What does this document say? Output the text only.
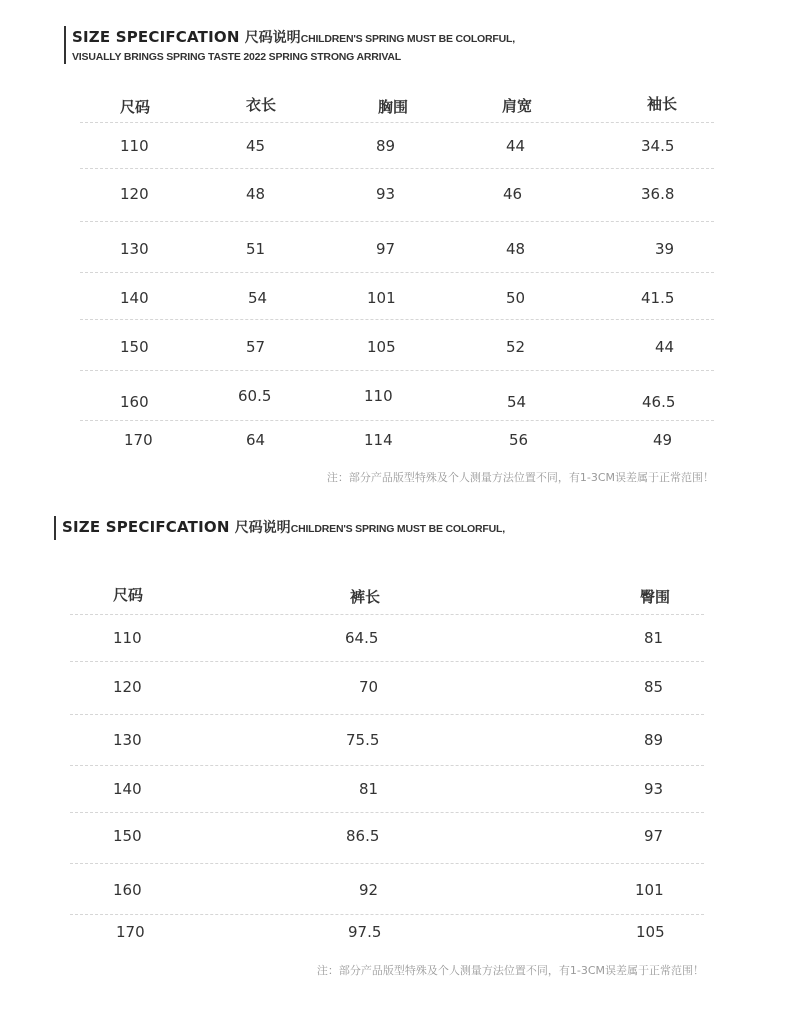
SIZE SPECIFCATION 尺码说明CHILDREN'S SPRING MUST BE COLORFUL,
VISUALLY BRINGS SPRING TASTE 2022 SPRING STRONG ARRIVAL
尺码	衣长	胸围	肩宽	袖长
110	45	89	44	34.5
120	48	93	46	36.8
130	51	97	48	39
140	54	101	50	41.5
150	57	105	52	44
160	60.5	110	54	46.5
170	64	114	56	49
注：部分产品版型特殊及个人测量方法位置不同，有1-3CM误差属于正常范围！
SIZE SPECIFCATION 尺码说明CHILDREN'S SPRING MUST BE COLORFUL,
尺码	裤长	臀围
110	64.5	81
120	70	85
130	75.5	89
140	81	93
150	86.5	97
160	92	101
170	97.5	105
注：部分产品版型特殊及个人测量方法位置不同，有1-3CM误差属于正常范围！
